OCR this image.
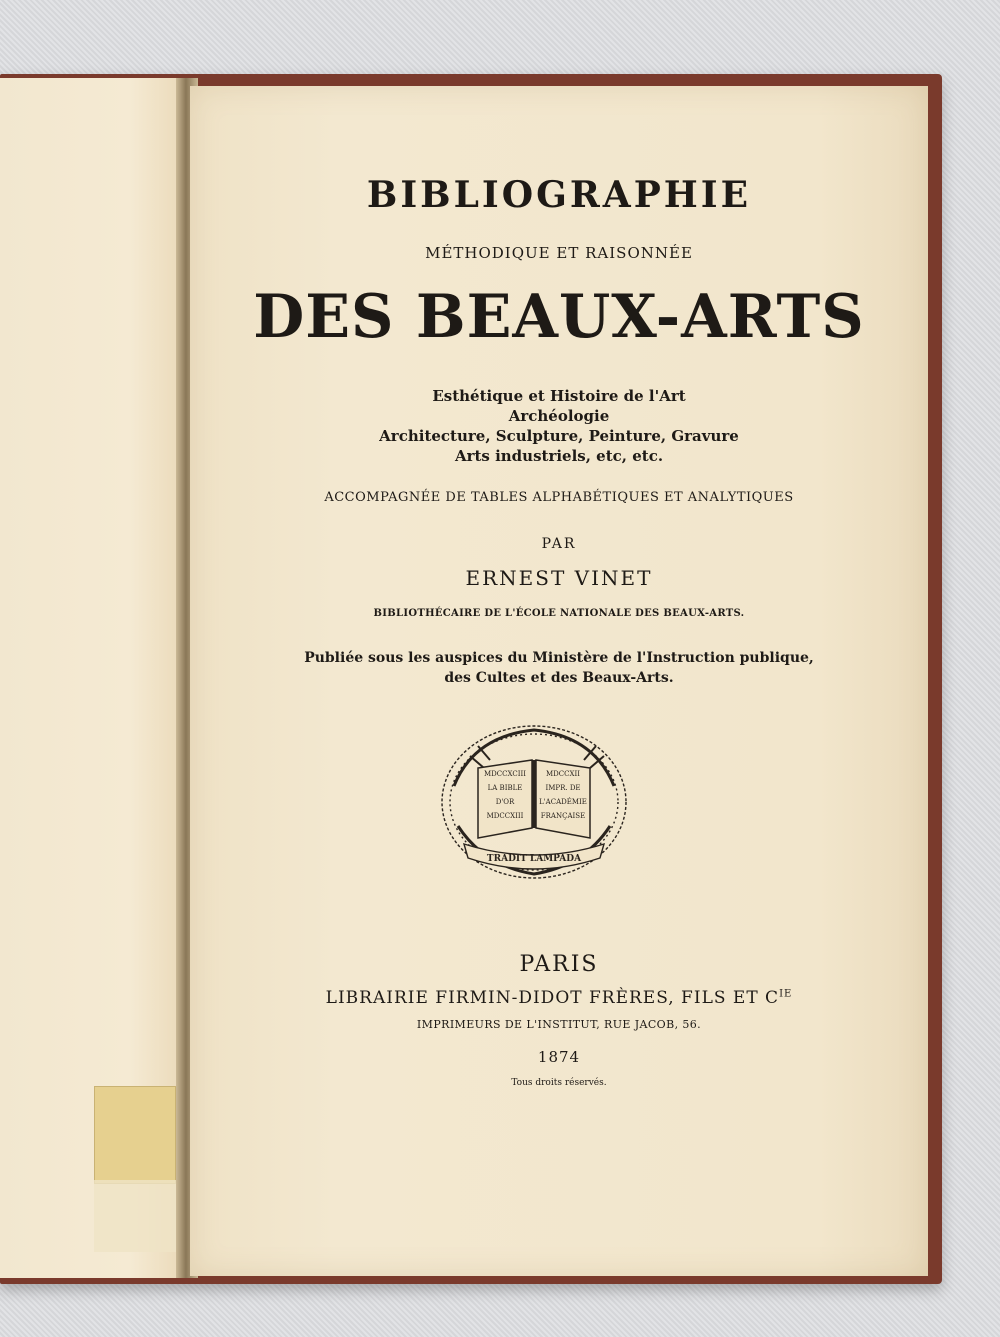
BIBLIOGRAPHIE
MÉTHODIQUE ET RAISONNÉE
DES BEAUX-ARTS
Esthétique et Histoire de l'Art
Archéologie
Architecture, Sculpture, Peinture, Gravure
Arts industriels, etc, etc.
ACCOMPAGNÉE DE TABLES ALPHABÉTIQUES ET ANALYTIQUES
PAR
ERNEST VINET
BIBLIOTHÉCAIRE DE L'ÉCOLE NATIONALE DES BEAUX-ARTS.
Publiée sous les auspices du Ministère de l'Instruction publique,
des Cultes et des Beaux-Arts.
MDCCXCIII
LA BIBLE
D'OR
MDCCXIII
MDCCXII
IMPR. DE
L'ACADÉMIE
FRANÇAISE
TRADIT LAMPADA
PARIS
LIBRAIRIE FIRMIN-DIDOT FRÈRES, FILS ET $C^{IE}$
IMPRIMEURS DE L'INSTITUT, RUE JACOB, 56.
1874
Tous droits réservés.
